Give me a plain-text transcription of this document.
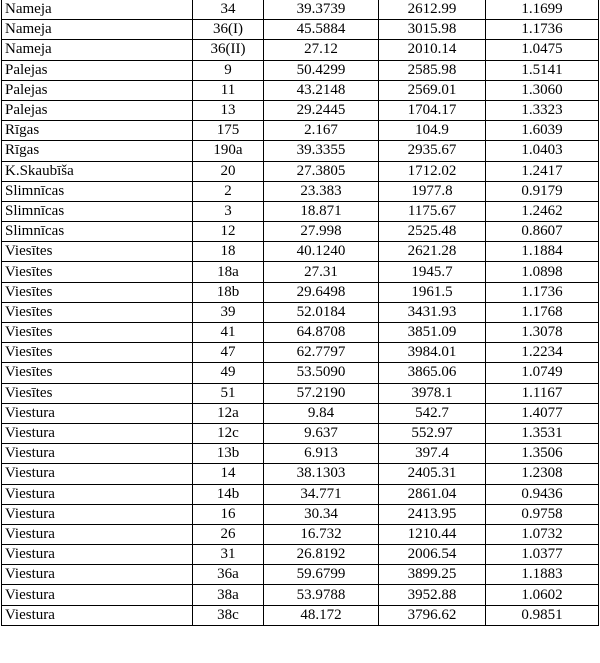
Nameja	34	39.3739	2612.99	1.1699
Nameja	36(I)	45.5884	3015.98	1.1736
Nameja	36(II)	27.12	2010.14	1.0475
Palejas	9	50.4299	2585.98	1.5141
Palejas	11	43.2148	2569.01	1.3060
Palejas	13	29.2445	1704.17	1.3323
Rīgas	175	2.167	104.9	1.6039
Rīgas	190a	39.3355	2935.67	1.0403
K.Skaubīša	20	27.3805	1712.02	1.2417
Slimnīcas	2	23.383	1977.8	0.9179
Slimnīcas	3	18.871	1175.67	1.2462
Slimnīcas	12	27.998	2525.48	0.8607
Viesītes	18	40.1240	2621.28	1.1884
Viesītes	18a	27.31	1945.7	1.0898
Viesītes	18b	29.6498	1961.5	1.1736
Viesītes	39	52.0184	3431.93	1.1768
Viesītes	41	64.8708	3851.09	1.3078
Viesītes	47	62.7797	3984.01	1.2234
Viesītes	49	53.5090	3865.06	1.0749
Viesītes	51	57.2190	3978.1	1.1167
Viestura	12a	9.84	542.7	1.4077
Viestura	12c	9.637	552.97	1.3531
Viestura	13b	6.913	397.4	1.3506
Viestura	14	38.1303	2405.31	1.2308
Viestura	14b	34.771	2861.04	0.9436
Viestura	16	30.34	2413.95	0.9758
Viestura	26	16.732	1210.44	1.0732
Viestura	31	26.8192	2006.54	1.0377
Viestura	36a	59.6799	3899.25	1.1883
Viestura	38a	53.9788	3952.88	1.0602
Viestura	38c	48.172	3796.62	0.9851
